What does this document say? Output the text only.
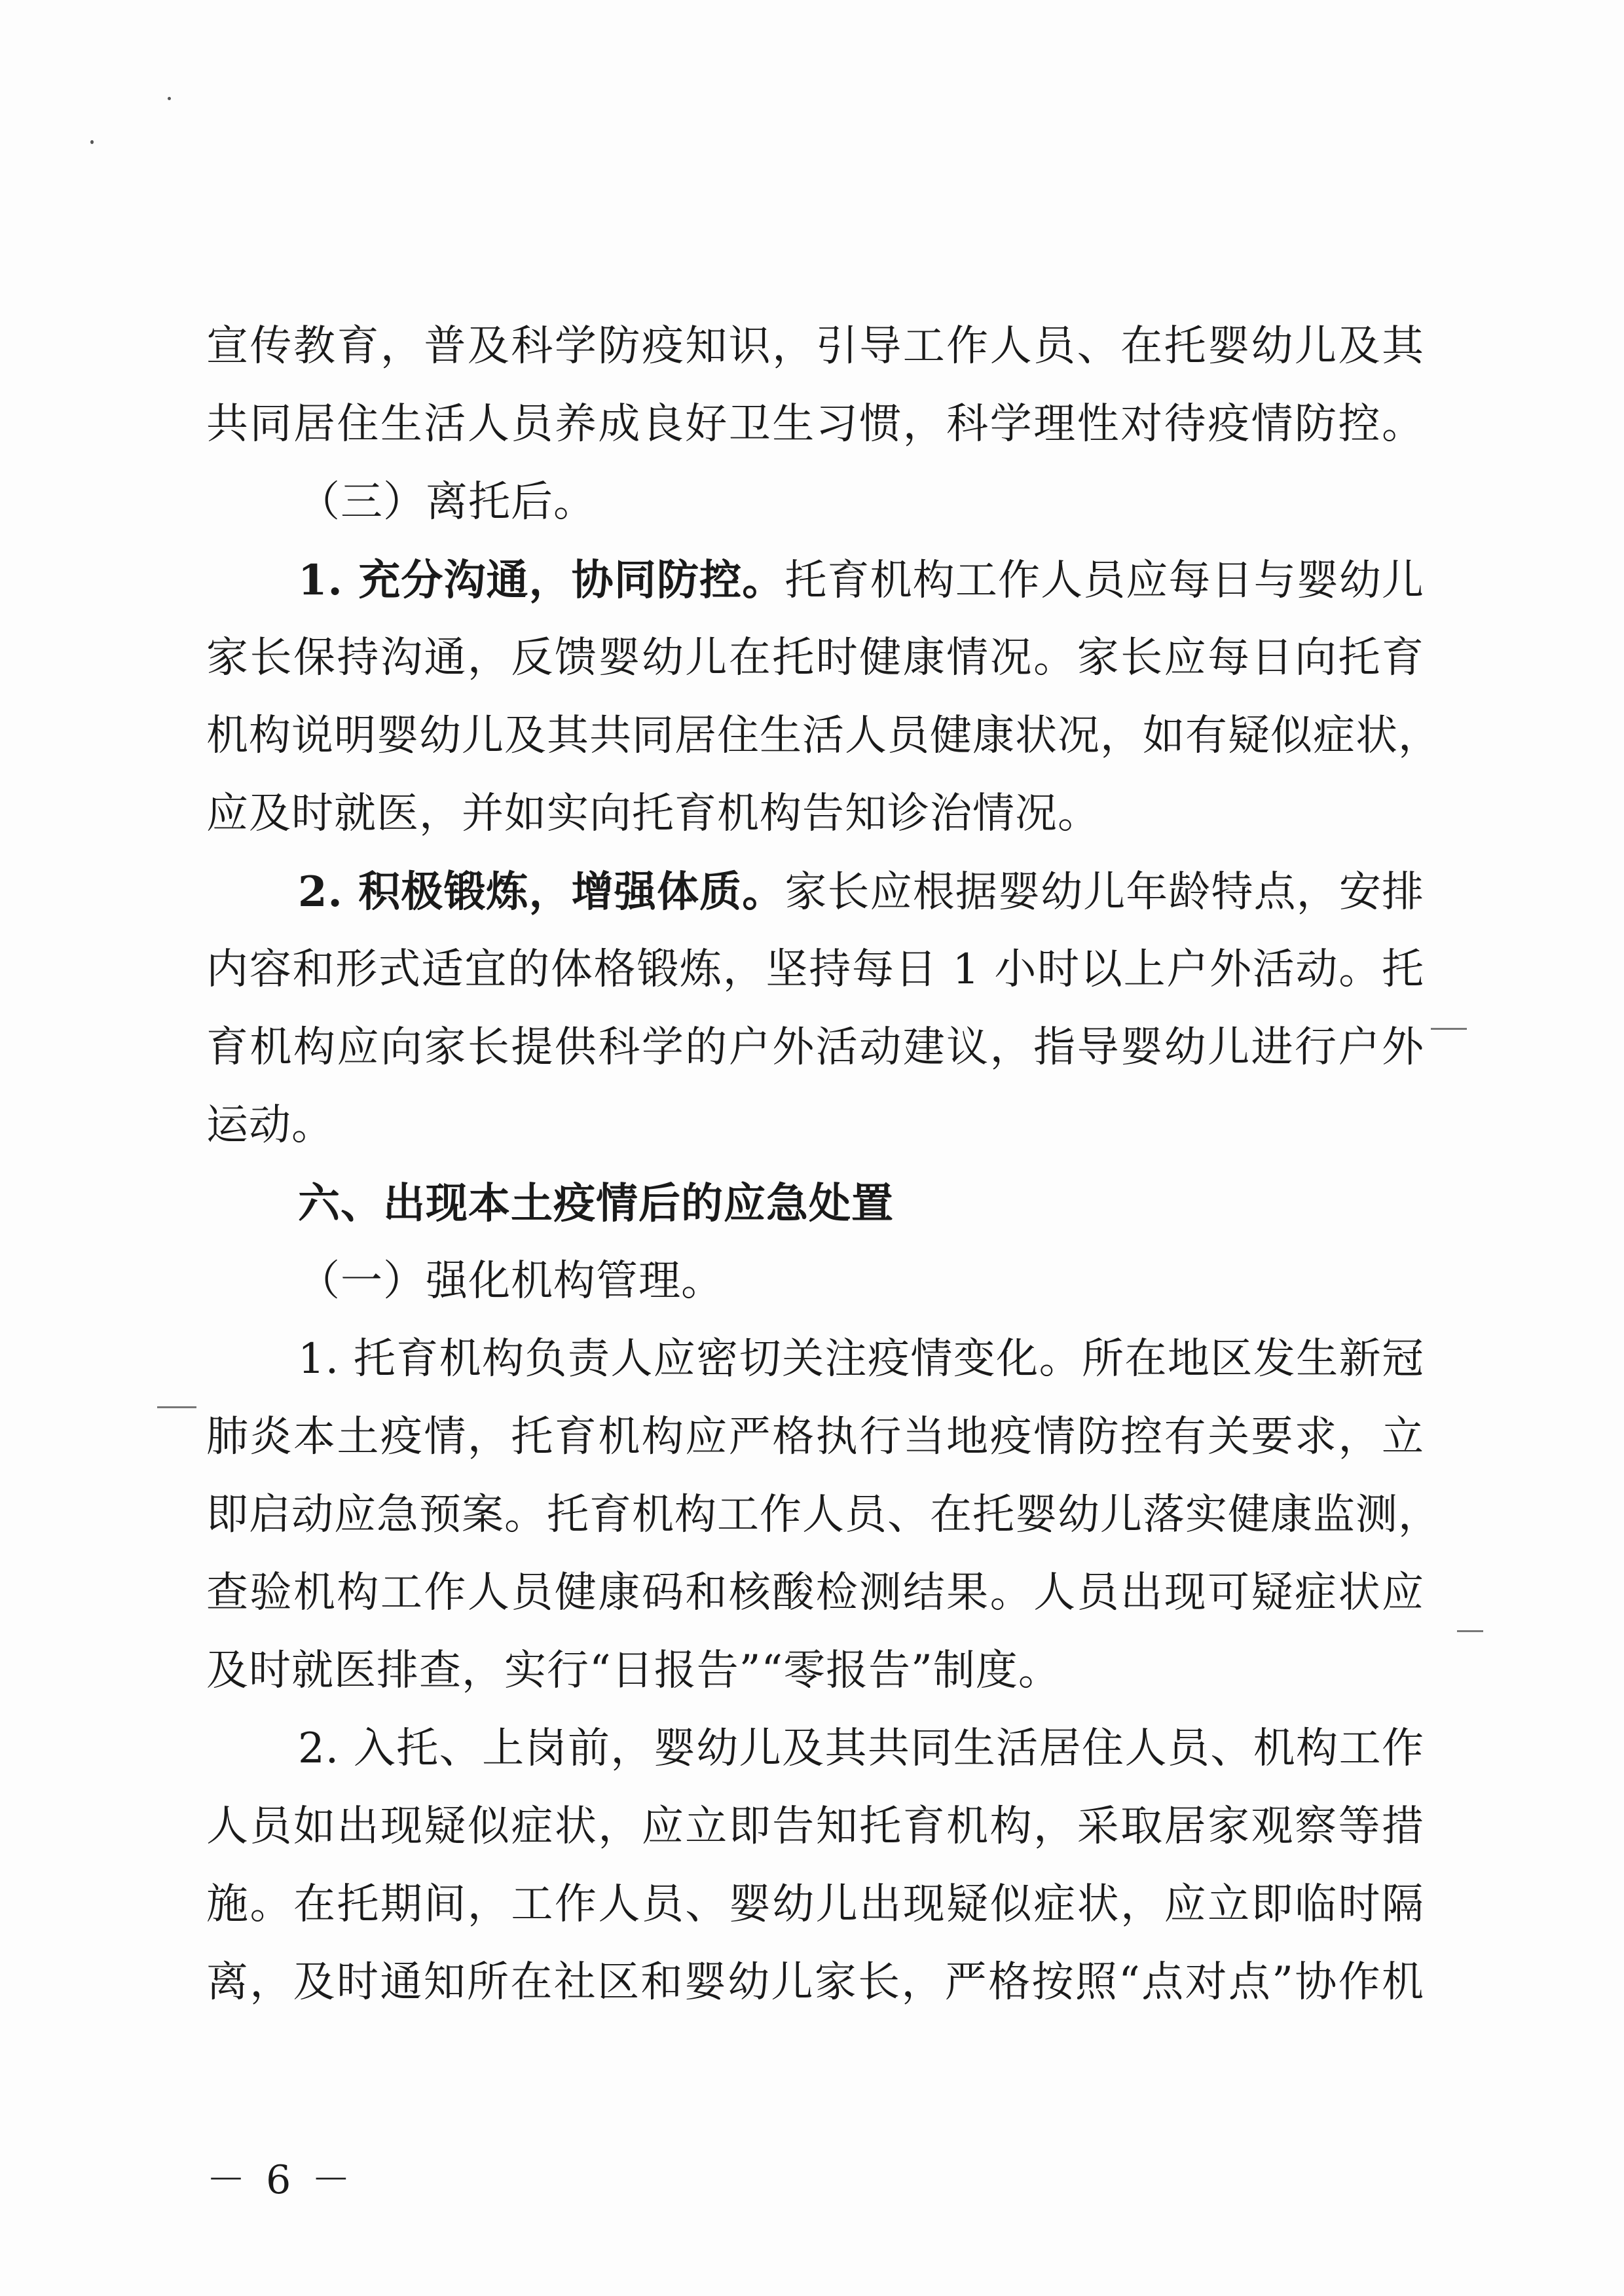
宣传教育，普及科学防疫知识，引导工作人员、在托婴幼儿及其
共同居住生活人员养成良好卫生习惯，科学理性对待疫情防控。
（三）离托后。
1. 充分沟通，协同防控。托育机构工作人员应每日与婴幼儿
家长保持沟通，反馈婴幼儿在托时健康情况。家长应每日向托育
机构说明婴幼儿及其共同居住生活人员健康状况，如有疑似症状，
应及时就医，并如实向托育机构告知诊治情况。
2. 积极锻炼，增强体质。家长应根据婴幼儿年龄特点，安排
内容和形式适宜的体格锻炼，坚持每日 1 小时以上户外活动。托
育机构应向家长提供科学的户外活动建议，指导婴幼儿进行户外
运动。
六、出现本土疫情后的应急处置
（一）强化机构管理。
1. 托育机构负责人应密切关注疫情变化。所在地区发生新冠
肺炎本土疫情，托育机构应严格执行当地疫情防控有关要求，立
即启动应急预案。托育机构工作人员、在托婴幼儿落实健康监测，
查验机构工作人员健康码和核酸检测结果。人员出现可疑症状应
及时就医排查，实行“日报告”“零报告”制度。
2. 入托、上岗前，婴幼儿及其共同生活居住人员、机构工作
人员如出现疑似症状，应立即告知托育机构，采取居家观察等措
施。在托期间，工作人员、婴幼儿出现疑似症状，应立即临时隔
离，及时通知所在社区和婴幼儿家长，严格按照“点对点”协作机
－ 6 －
